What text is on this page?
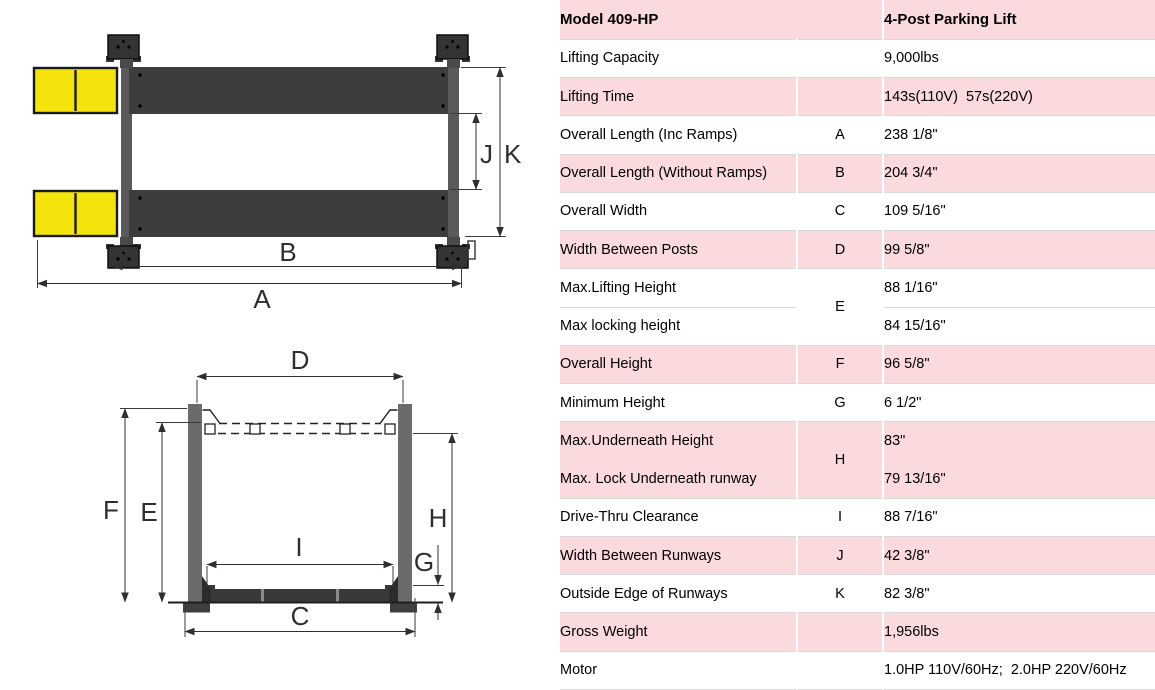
J K
B
A
D
F E	H
G
I
C
Model 409-HP		4-Post Parking Lift
Lifting Capacity		9,000lbs
Lifting Time		143s(110V)  57s(220V)
Overall Length (Inc Ramps)	A	238 1/8"
Overall Length (Without Ramps)	B	204 3/4"
Overall Width	C	109 5/16"
Width Between Posts	D	99 5/8"
Max.Lifting Height	E	88 1/16"
Max locking height		84 15/16"
Overall Height	F	96 5/8"
Minimum Height	G	6 1/2"
Max.Underneath Height	H	83"
Max. Lock Underneath runway		79 13/16"
Drive-Thru Clearance	I	88 7/16"
Width Between Runways	J	42 3/8"
Outside Edge of Runways	K	82 3/8"
Gross Weight		1,956lbs
Motor		1.0HP 110V/60Hz;  2.0HP 220V/60Hz
